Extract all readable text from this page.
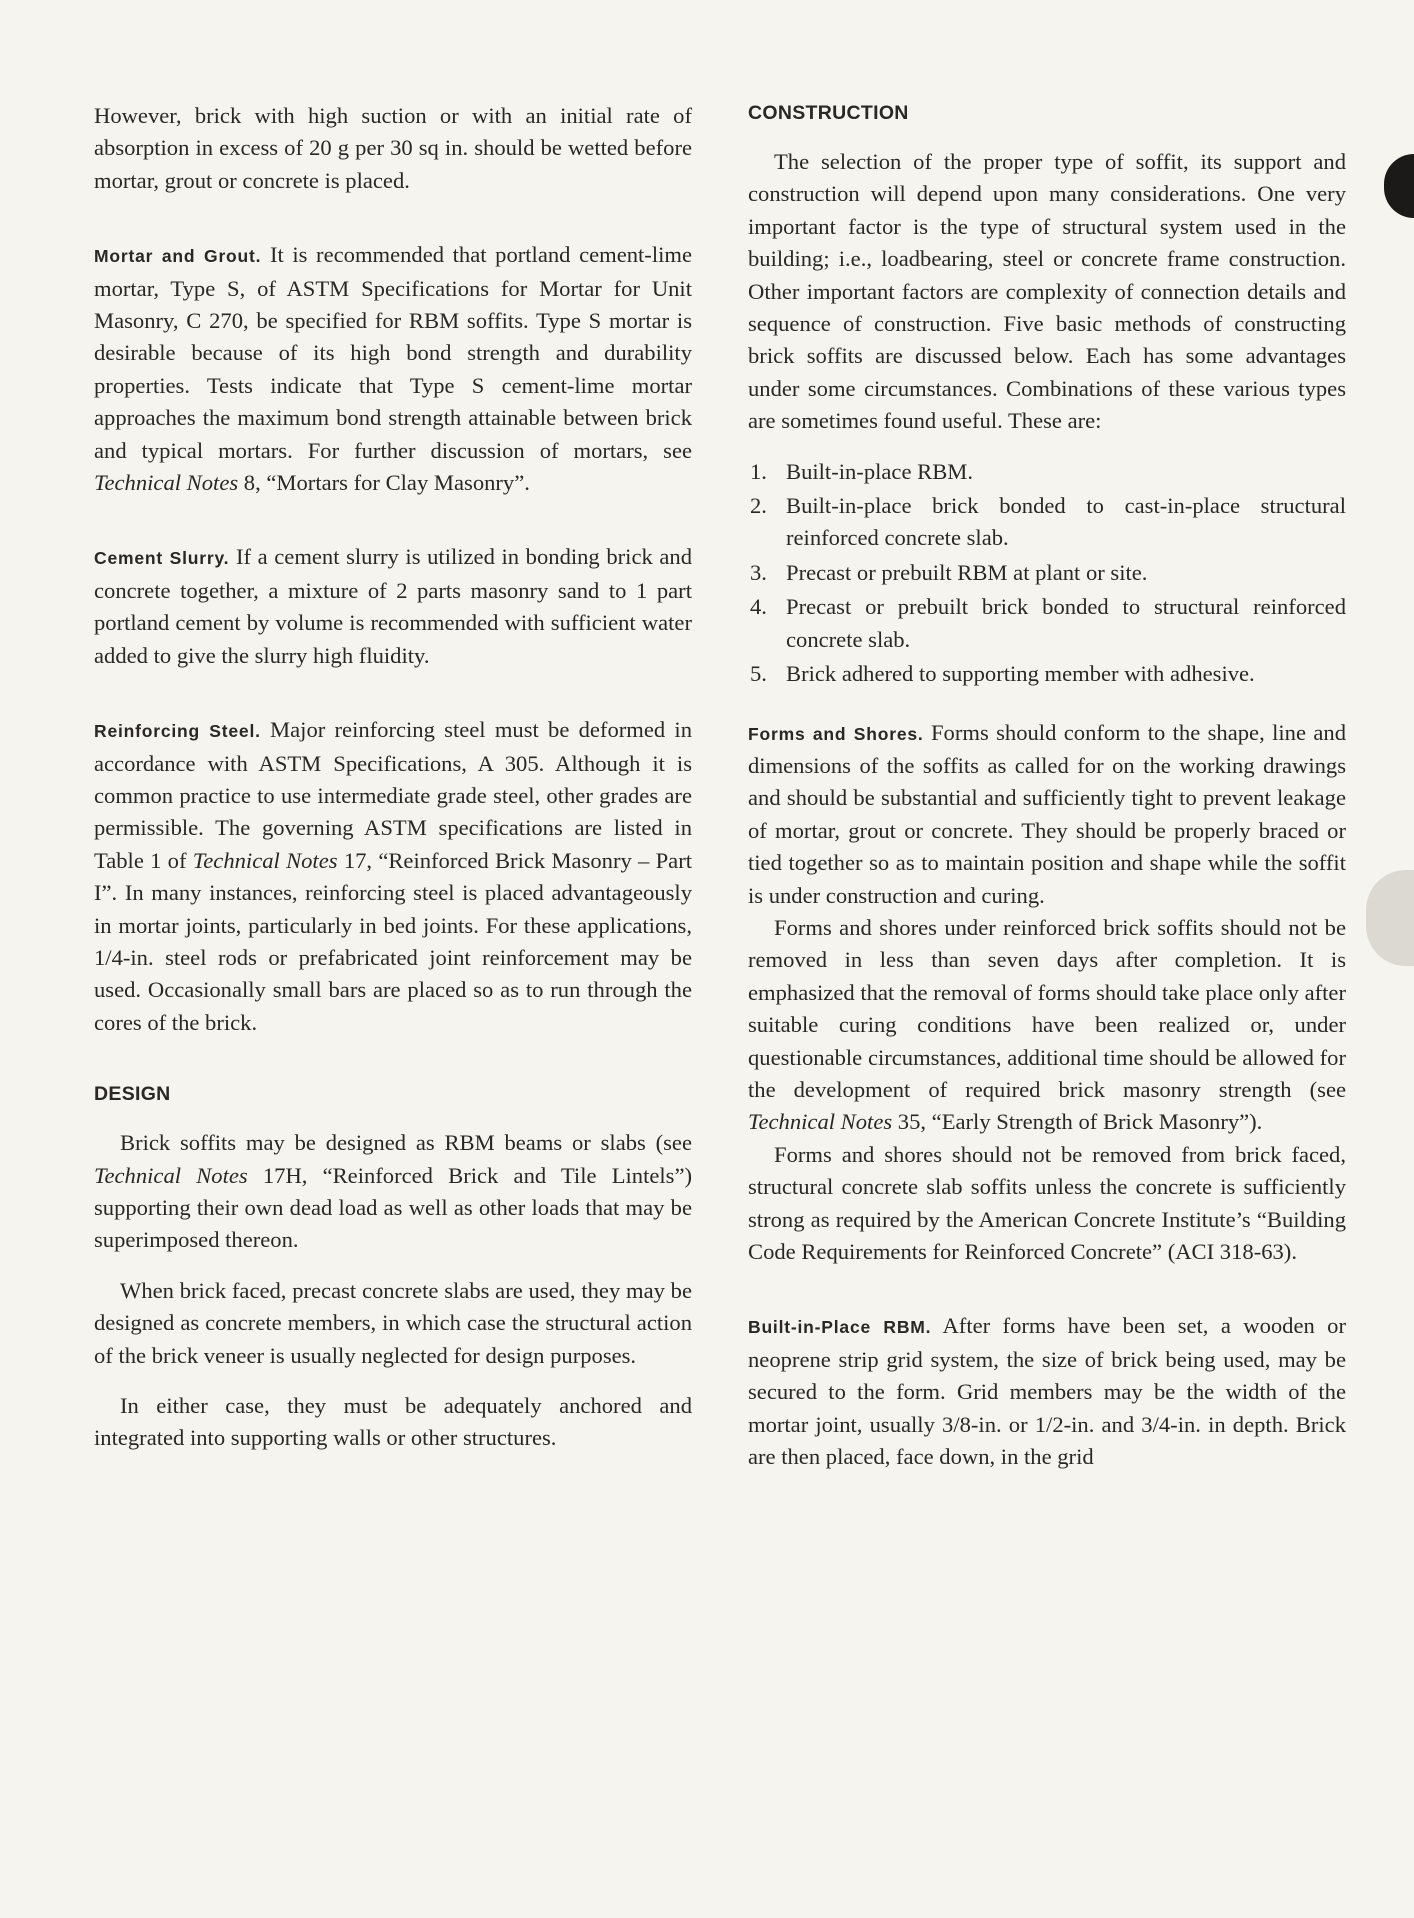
However, brick with high suction or with an initial rate of absorption in excess of 20 g per 30 sq in. should be wetted before mortar, grout or concrete is placed.

Mortar and Grout. It is recommended that portland cement-lime mortar, Type S, of ASTM Specifications for Mortar for Unit Masonry, C 270, be specified for RBM soffits. Type S mortar is desirable because of its high bond strength and durability properties. Tests indicate that Type S cement-lime mortar approaches the maximum bond strength attainable between brick and typical mortars. For further discussion of mortars, see Technical Notes 8, “Mortars for Clay Masonry”.

Cement Slurry. If a cement slurry is utilized in bonding brick and concrete together, a mixture of 2 parts masonry sand to 1 part portland cement by volume is recommended with sufficient water added to give the slurry high fluidity.

Reinforcing Steel. Major reinforcing steel must be deformed in accordance with ASTM Specifications, A 305. Although it is common practice to use intermediate grade steel, other grades are permissible. The governing ASTM specifications are listed in Table 1 of Technical Notes 17, “Reinforced Brick Masonry – Part I”. In many instances, reinforcing steel is placed advantageously in mortar joints, particularly in bed joints. For these applications, 1/4-in. steel rods or prefabricated joint reinforcement may be used. Occasionally small bars are placed so as to run through the cores of the brick.

DESIGN

Brick soffits may be designed as RBM beams or slabs (see Technical Notes 17H, “Reinforced Brick and Tile Lintels”) supporting their own dead load as well as other loads that may be superimposed thereon.

When brick faced, precast concrete slabs are used, they may be designed as concrete members, in which case the structural action of the brick veneer is usually neglected for design purposes.

In either case, they must be adequately anchored and integrated into supporting walls or other structures.

CONSTRUCTION

The selection of the proper type of soffit, its support and construction will depend upon many considerations. One very important factor is the type of structural system used in the building; i.e., loadbearing, steel or concrete frame construction. Other important factors are complexity of connection details and sequence of construction. Five basic methods of constructing brick soffits are discussed below. Each has some advantages under some circumstances. Combinations of these various types are sometimes found useful. These are:

1. Built-in-place RBM.
2. Built-in-place brick bonded to cast-in-place structural reinforced concrete slab.
3. Precast or prebuilt RBM at plant or site.
4. Precast or prebuilt brick bonded to structural reinforced concrete slab.
5. Brick adhered to supporting member with adhesive.

Forms and Shores. Forms should conform to the shape, line and dimensions of the soffits as called for on the working drawings and should be substantial and sufficiently tight to prevent leakage of mortar, grout or concrete. They should be properly braced or tied together so as to maintain position and shape while the soffit is under construction and curing.

Forms and shores under reinforced brick soffits should not be removed in less than seven days after completion. It is emphasized that the removal of forms should take place only after suitable curing conditions have been realized or, under questionable circumstances, additional time should be allowed for the development of required brick masonry strength (see Technical Notes 35, “Early Strength of Brick Masonry”).

Forms and shores should not be removed from brick faced, structural concrete slab soffits unless the concrete is sufficiently strong as required by the American Concrete Institute’s “Building Code Requirements for Reinforced Concrete” (ACI 318-63).

Built-in-Place RBM. After forms have been set, a wooden or neoprene strip grid system, the size of brick being used, may be secured to the form. Grid members may be the width of the mortar joint, usually 3/8-in. or 1/2-in. and 3/4-in. in depth. Brick are then placed, face down, in the grid
